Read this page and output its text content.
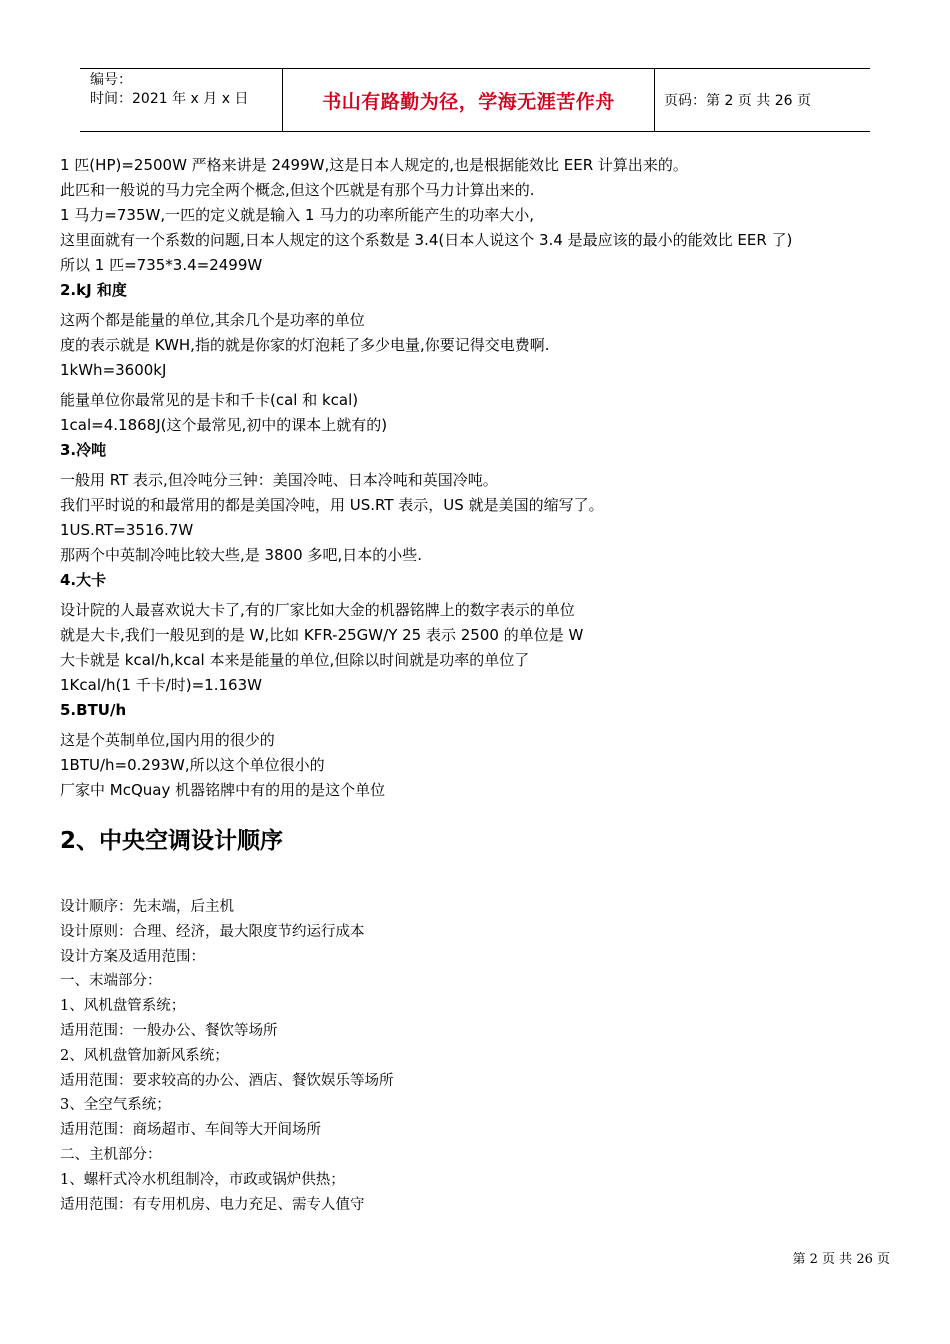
编号：
时间：2021 年 x 月 x 日	书山有路勤为径，学海无涯苦作舟	页码：第 2 页 共 26 页
1 匹(HP)=2500W 严格来讲是 2499W,这是日本人规定的,也是根据能效比 EER 计算出来的。
此匹和一般说的马力完全两个概念,但这个匹就是有那个马力计算出来的.
1 马力=735W,一匹的定义就是输入 1 马力的功率所能产生的功率大小,
这里面就有一个系数的问题,日本人规定的这个系数是 3.4(日本人说这个 3.4 是最应该的最小的能效比 EER 了)
所以 1 匹=735*3.4=2499W
2.kJ 和度
这两个都是能量的单位,其余几个是功率的单位
度的表示就是 KWH,指的就是你家的灯泡耗了多少电量,你要记得交电费啊.
1kWh=3600kJ
能量单位你最常见的是卡和千卡(cal 和 kcal)
1cal=4.1868J(这个最常见,初中的课本上就有的)
3.冷吨
一般用 RT 表示,但冷吨分三钟：美国冷吨、日本冷吨和英国冷吨。
我们平时说的和最常用的都是美国冷吨，用 US.RT 表示，US 就是美国的缩写了。
1US.RT=3516.7W
那两个中英制冷吨比较大些,是 3800 多吧,日本的小些.
4.大卡
设计院的人最喜欢说大卡了,有的厂家比如大金的机器铭牌上的数字表示的单位
就是大卡,我们一般见到的是 W,比如 KFR-25GW/Y 25 表示 2500 的单位是 W
大卡就是 kcal/h,kcal 本来是能量的单位,但除以时间就是功率的单位了
1Kcal/h(1 千卡/时)=1.163W
5.BTU/h
这是个英制单位,国内用的很少的
1BTU/h=0.293W,所以这个单位很小的
厂家中 McQuay 机器铭牌中有的用的是这个单位
2、中央空调设计顺序
设计顺序：先末端，后主机
设计原则：合理、经济，最大限度节约运行成本
设计方案及适用范围：
一、末端部分：
1、风机盘管系统；
适用范围：一般办公、餐饮等场所
2、风机盘管加新风系统；
适用范围：要求较高的办公、酒店、餐饮娱乐等场所
3、全空气系统；
适用范围：商场超市、车间等大开间场所
二、主机部分：
1、螺杆式冷水机组制冷，市政或锅炉供热；
适用范围：有专用机房、电力充足、需专人值守
第 2 页 共 26 页
